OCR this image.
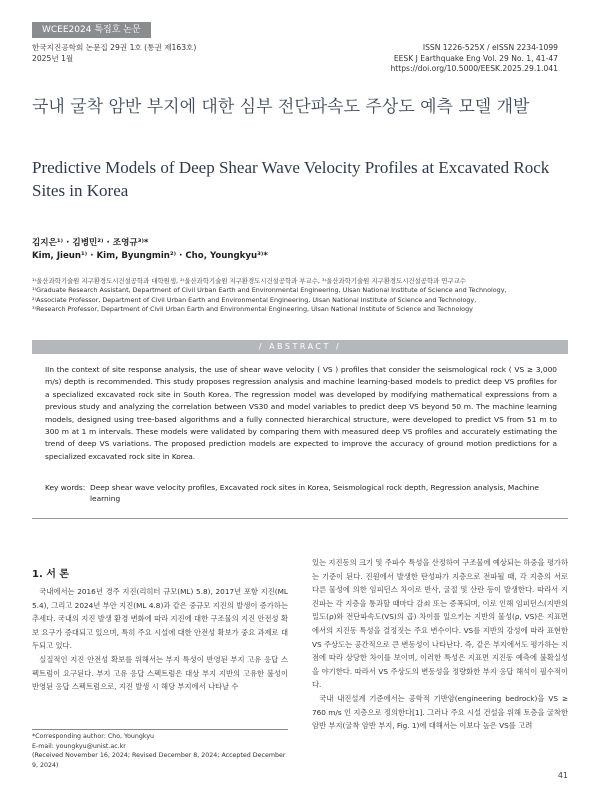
WCEE2024 특집호 논문
한국지진공학회 논문집 29권 1호 (통권 제163호)
2025년 1월
ISSN 1226-525X / eISSN 2234-1099
EESK J Earthquake Eng Vol. 29 No. 1, 41-47
https://doi.org/10.5000/EESK.2025.29.1.041
국내 굴착 암반 부지에 대한 심부 전단파속도 주상도 예측 모델 개발
Predictive Models of Deep Shear Wave Velocity Profiles at Excavated Rock Sites in Korea
김지은¹⁾ · 김병민²⁾ · 조영규³⁾*
Kim, Jieun¹⁾ · Kim, Byungmin²⁾ · Cho, Youngkyu³⁾*
¹⁾울산과학기술원 지구환경도시건설공학과 대학원생, ²⁾울산과학기술원 지구환경도시건설공학과 부교수, ³⁾울산과학기술원 지구환경도시건설공학과 연구교수
¹⁾Graduate Research Assistant, Department of Civil Urban Earth and Environmental Engineering, Ulsan National Institute of Science and Technology,
²⁾Associate Professor, Department of Civil Urban Earth and Environmental Engineering, Ulsan National Institute of Science and Technology,
³⁾Research Professor, Department of Civil Urban Earth and Environmental Engineering, Ulsan National Institute of Science and Technology
/ ABSTRACT /
IIn the context of site response analysis, the use of shear wave velocity ( VS ) profiles that consider the seismological rock ( VS ≥ 3,000 m/s) depth is recommended. This study proposes regression analysis and machine learning-based models to predict deep VS profiles for a specialized excavated rock site in South Korea. The regression model was developed by modifying mathematical expressions from a previous study and analyzing the correlation between VS30 and model variables to predict deep VS beyond 50 m. The machine learning models, designed using tree-based algorithms and a fully connected hierarchical structure, were developed to predict VS from 51 m to 300 m at 1 m intervals. These models were validated by comparing them with measured deep VS profiles and accurately estimating the trend of deep VS variations. The proposed prediction models are expected to improve the accuracy of ground motion predictions for a specialized excavated rock site in Korea.
Key words: Deep shear wave velocity profiles, Excavated rock sites in Korea, Seismological rock depth, Regression analysis, Machine learning
1. 서 론

국내에서는 2016년 경주 지진(리히터 규모(ML) 5.8), 2017년 포항 지진(ML 5.4), 그리고 2024년 부안 지진(ML 4.8)과 같은 중규모 지진의 발생이 증가하는 추세다. 국내의 지진 발생 환경 변화에 따라 지진에 대한 구조물의 지진 안전성 확보 요구가 증대되고 있으며, 특히 주요 시설에 대한 안전성 확보가 중요 과제로 대두되고 있다.

실질적인 지진 안전성 확보를 위해서는 부지 특성이 반영된 부지 고유 응답 스펙트럼이 요구된다. 부지 고유 응답 스펙트럼은 대상 부지 지반의 고유한 불성이 반영된 응답 스펙트럼으로, 지진 발생 시 해당 부지에서 나타날 수

있는 지진동의 크기 및 주파수 특성을 산정하여 구조물에 예상되는 하중을 평가하는 기준이 된다. 진원에서 발생한 탄성파가 지층으로 전파될 때, 각 지층의 서로 다른 물성에 의한 임피던스 차이로 반사, 굴절 및 산란 등이 발생한다. 따라서 지진파는 각 지층을 통과할 때마다 감쇠 또는 증폭되며, 이로 인해 임피던스(지반의 밀도(ρ)와 전단파속도(VS)의 곱) 차이를 일으키는 지반의 물성(ρ, VS)은 지표면에서의 지진동 특성을 결정짓는 주요 변수이다. VS를 지반의 강성에 따라 표현한 VS 주상도는 공간적으로 큰 변동성이 나타난다. 즉, 같은 부지에서도 평가하는 지점에 따라 상당한 차이를 보이며, 이러한 특성은 지표면 지진동 예측에 불확실성을 야기한다. 따라서 VS 주상도의 변동성을 정량화한 부지 응답 해석이 필수적이다.

국내 내진설계 기준에서는 공학적 기반암(engineering bedrock)을 VS ≥ 760 m/s 인 지층으로 정의한다[1]. 그러나 주요 시설 건설을 위해 토층을 굴착한 암반 부지(굴착 암반 부지, Fig. 1)에 대해서는 이보다 높은 VS를 고려

*Corresponding author: Cho, Youngkyu
E-mail: youngkyu@unist.ac.kr
(Received November 16, 2024; Revised December 8, 2024; Accepted December 9, 2024)
41
